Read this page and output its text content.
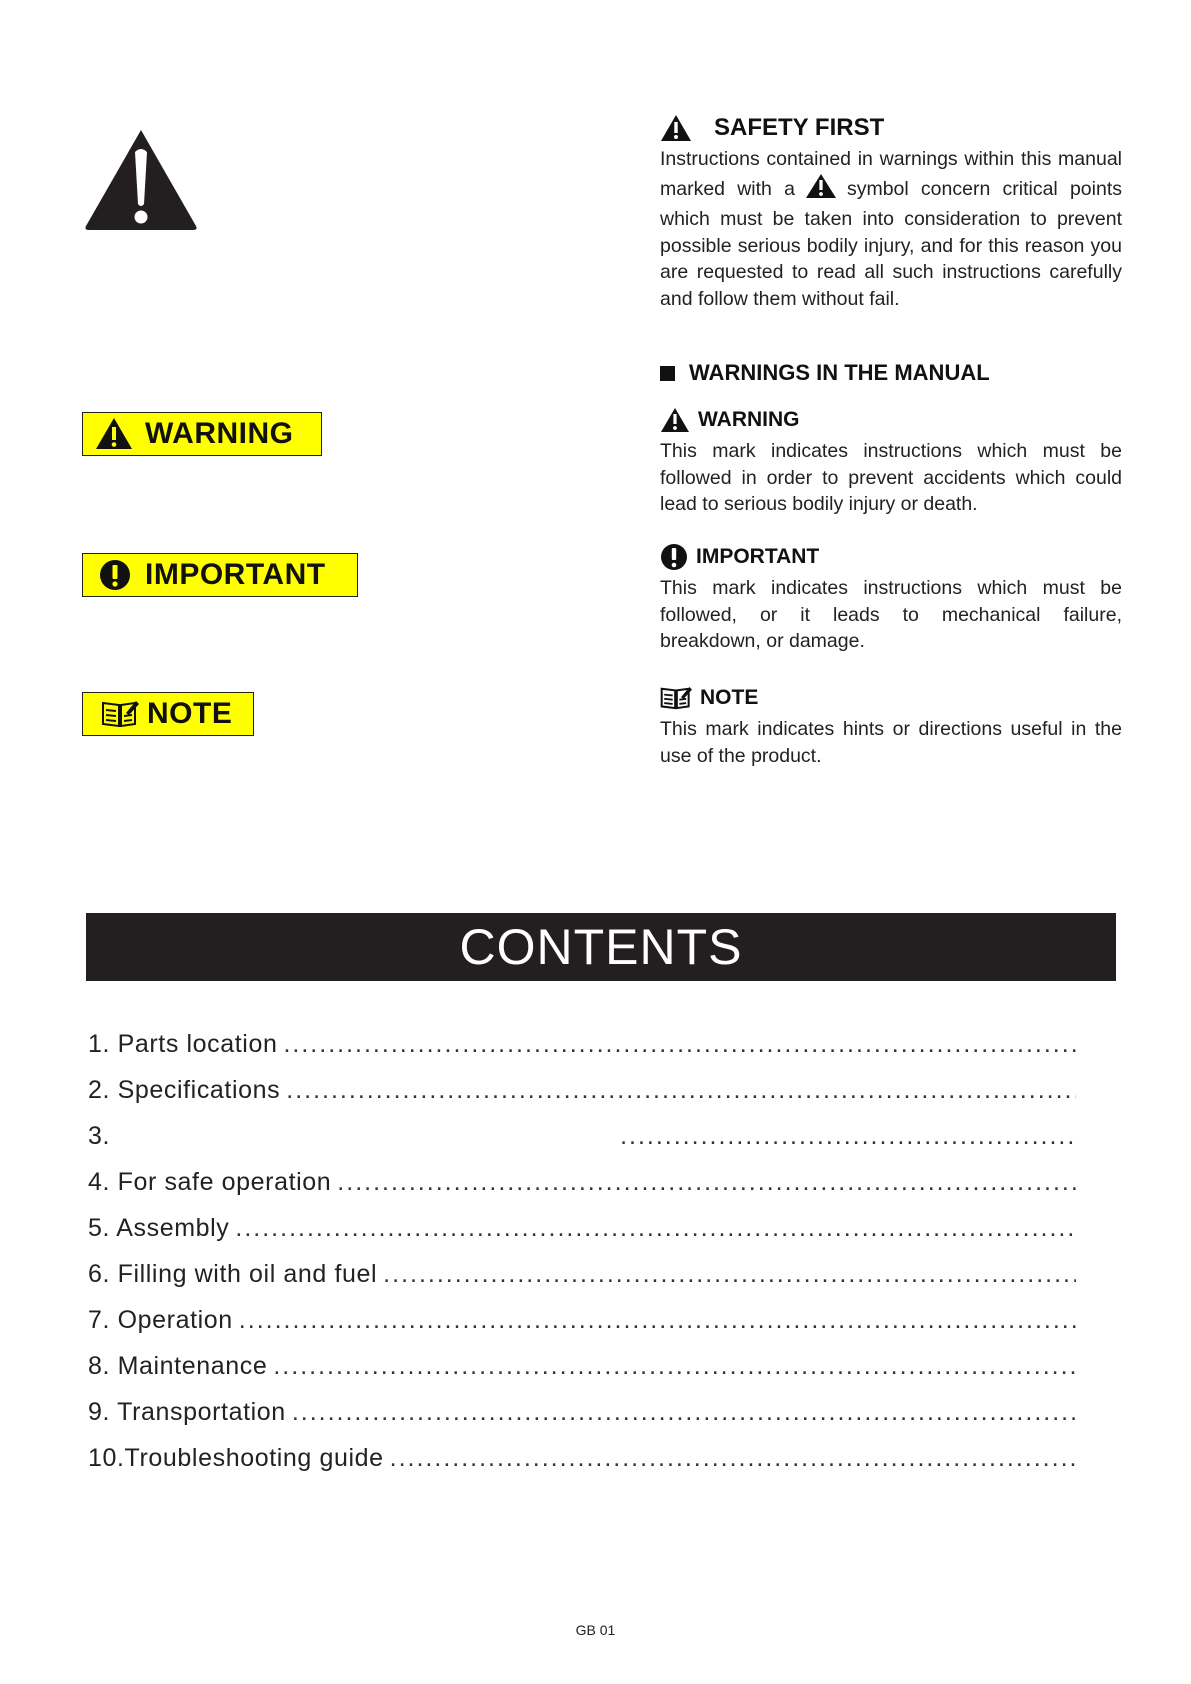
WARNING
IMPORTANT
NOTE
SAFETY FIRST
Instructions contained in warnings within this manual marked with a	symbol concern critical points which must be taken into consideration to prevent possible serious bodily injury, and for this reason you are requested to read all such instructions carefully and follow them without fail.
WARNINGS IN THE MANUAL
WARNING
This mark indicates instructions which must be followed in order to prevent accidents which could lead to serious bodily injury or death.
IMPORTANT
This mark indicates instructions which must be followed, or it leads to mechanical failure, breakdown, or damage.
NOTE
This mark indicates hints or directions useful in the use of the product.
CONTENTS
1. Parts location
.....
2. Specifications
.....
3.
.....
4. For safe operation
.....
5. Assembly
.....
6. Filling with oil and fuel
.....
7. Operation
.....
8. Maintenance
.....
9. Transportation
.....
10.Troubleshooting guide
.....
GB 01
